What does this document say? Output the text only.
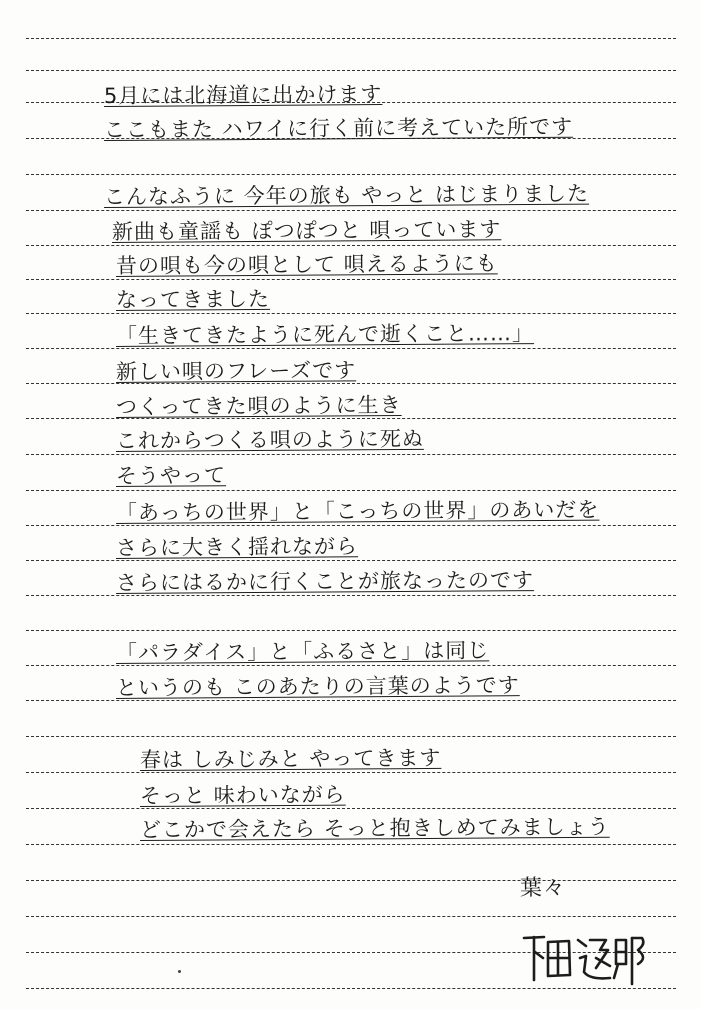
5月には北海道に出かけます
ここもまた ハワイに行く前に考えていた所です
こんなふうに 今年の旅も やっと はじまりました
新曲も童謡も ぽつぽつと 唄っています
昔の唄も今の唄として 唄えるようにも
なってきました
「生きてきたように死んで逝くこと……」
新しい唄のフレーズです
つくってきた唄のように生き
これからつくる唄のように死ぬ
そうやって
「あっちの世界」と「こっちの世界」のあいだを
さらに大きく揺れながら
さらにはるかに行くことが旅なったのです
「パラダイス」と「ふるさと」は同じ
というのも このあたりの言葉のようです
春は しみじみと やってきます
そっと 味わいながら
どこかで会えたら そっと抱きしめてみましょう
葉々
